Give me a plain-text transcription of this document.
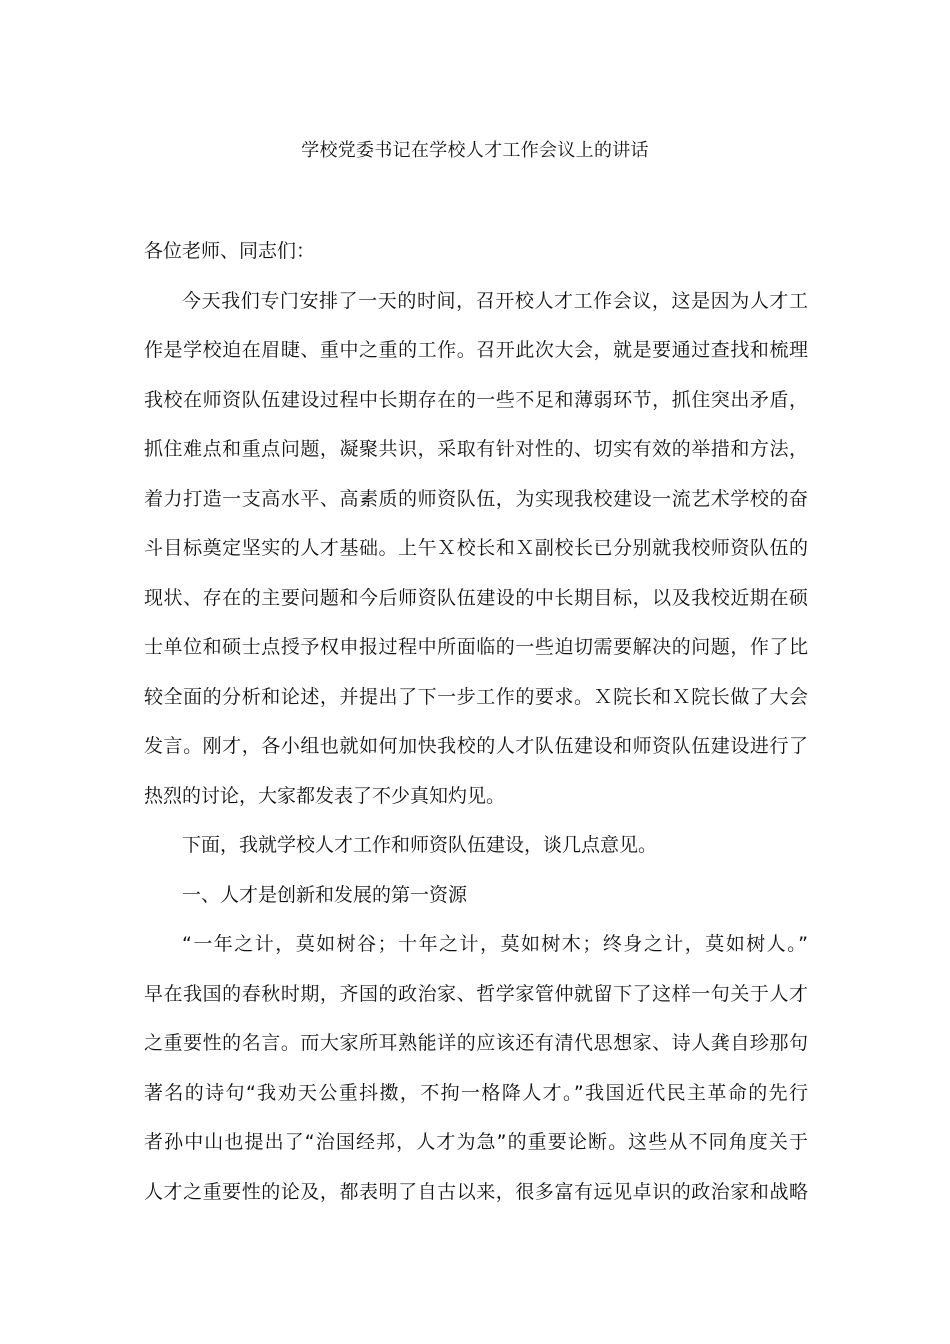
学校党委书记在学校人才工作会议上的讲话
各位老师、同志们：
今天我们专门安排了一天的时间，召开校人才工作会议，这是因为人才工
作是学校迫在眉睫、重中之重的工作。召开此次大会，就是要通过查找和梳理
我校在师资队伍建设过程中长期存在的一些不足和薄弱环节，抓住突出矛盾，
抓住难点和重点问题，凝聚共识，采取有针对性的、切实有效的举措和方法，
着力打造一支高水平、高素质的师资队伍，为实现我校建设一流艺术学校的奋
斗目标奠定坚实的人才基础。上午Ｘ校长和Ｘ副校长已分别就我校师资队伍的
现状、存在的主要问题和今后师资队伍建设的中长期目标，以及我校近期在硕
士单位和硕士点授予权申报过程中所面临的一些迫切需要解决的问题，作了比
较全面的分析和论述，并提出了下一步工作的要求。Ｘ院长和Ｘ院长做了大会
发言。刚才，各小组也就如何加快我校的人才队伍建设和师资队伍建设进行了
热烈的讨论，大家都发表了不少真知灼见。
下面，我就学校人才工作和师资队伍建设，谈几点意见。
一、人才是创新和发展的第一资源
“一年之计，莫如树谷；十年之计，莫如树木；终身之计，莫如树人。”
早在我国的春秋时期，齐国的政治家、哲学家管仲就留下了这样一句关于人才
之重要性的名言。而大家所耳熟能详的应该还有清代思想家、诗人龚自珍那句
著名的诗句“我劝天公重抖擞，不拘一格降人才。”我国近代民主革命的先行
者孙中山也提出了“治国经邦，人才为急”的重要论断。这些从不同角度关于
人才之重要性的论及，都表明了自古以来，很多富有远见卓识的政治家和战略
